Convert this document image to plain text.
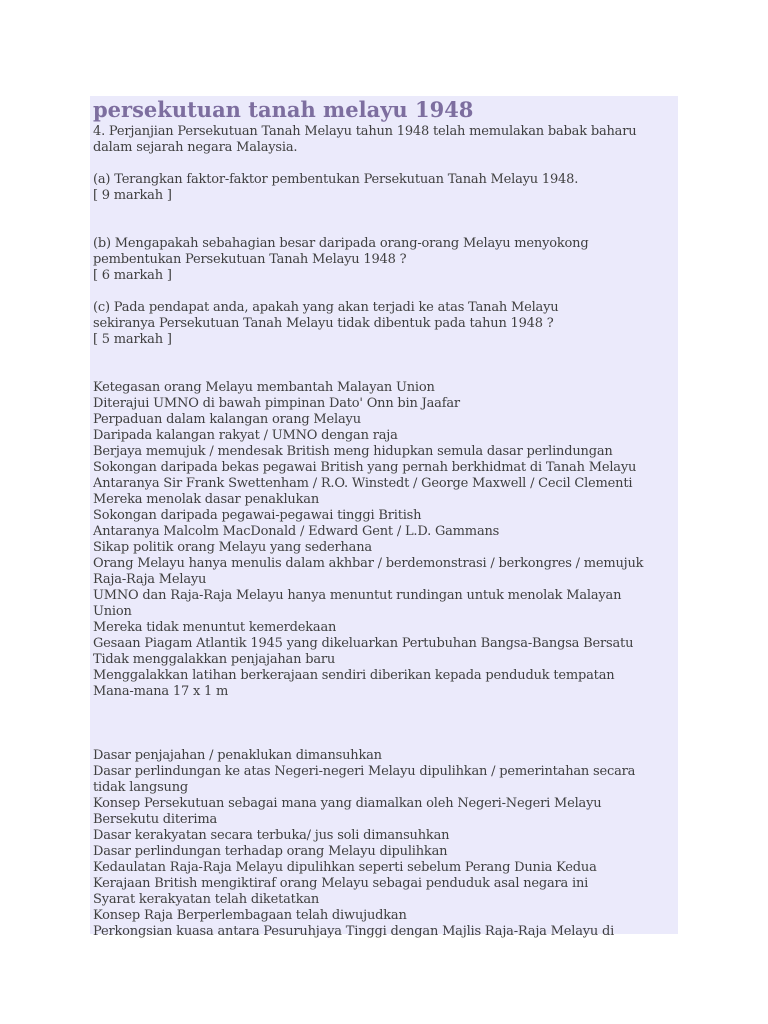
persekutuan tanah melayu 1948
4. Perjanjian Persekutuan Tanah Melayu tahun 1948 telah memulakan babak baharu
dalam sejarah negara Malaysia.
(a) Terangkan faktor-faktor pembentukan Persekutuan Tanah Melayu 1948.
[ 9 markah ]
(b) Mengapakah sebahagian besar daripada orang-orang Melayu menyokong
pembentukan Persekutuan Tanah Melayu 1948 ?
[ 6 markah ]
(c) Pada pendapat anda, apakah yang akan terjadi ke atas Tanah Melayu
sekiranya Persekutuan Tanah Melayu tidak dibentuk pada tahun 1948 ?
[ 5 markah ]
Ketegasan orang Melayu membantah Malayan Union
Diterajui UMNO di bawah pimpinan Dato' Onn bin Jaafar
Perpaduan dalam kalangan orang Melayu
Daripada kalangan rakyat / UMNO dengan raja
Berjaya memujuk / mendesak British meng hidupkan semula dasar perlindungan
Sokongan daripada bekas pegawai British yang pernah berkhidmat di Tanah Melayu
Antaranya Sir Frank Swettenham / R.O. Winstedt / George Maxwell / Cecil Clementi
Mereka menolak dasar penaklukan
Sokongan daripada pegawai-pegawai tinggi British
Antaranya Malcolm MacDonald / Edward Gent / L.D. Gammans
Sikap politik orang Melayu yang sederhana
Orang Melayu hanya menulis dalam akhbar / berdemonstrasi / berkongres / memujuk
Raja-Raja Melayu
UMNO dan Raja-Raja Melayu hanya menuntut rundingan untuk menolak Malayan
Union
Mereka tidak menuntut kemerdekaan
Gesaan Piagam Atlantik 1945 yang dikeluarkan Pertubuhan Bangsa-Bangsa Bersatu
Tidak menggalakkan penjajahan baru
Menggalakkan latihan berkerajaan sendiri diberikan kepada penduduk tempatan
Mana-mana 17 x 1 m
Dasar penjajahan / penaklukan dimansuhkan
Dasar perlindungan ke atas Negeri-negeri Melayu dipulihkan / pemerintahan secara
tidak langsung
Konsep Persekutuan sebagai mana yang diamalkan oleh Negeri-Negeri Melayu
Bersekutu diterima
Dasar kerakyatan secara terbuka/ jus soli dimansuhkan
Dasar perlindungan terhadap orang Melayu dipulihkan
Kedaulatan Raja-Raja Melayu dipulihkan seperti sebelum Perang Dunia Kedua
Kerajaan British mengiktiraf orang Melayu sebagai penduduk asal negara ini
Syarat kerakyatan telah diketatkan
Konsep Raja Berperlembagaan telah diwujudkan
Perkongsian kuasa antara Pesuruhjaya Tinggi dengan Majlis Raja-Raja Melayu di
